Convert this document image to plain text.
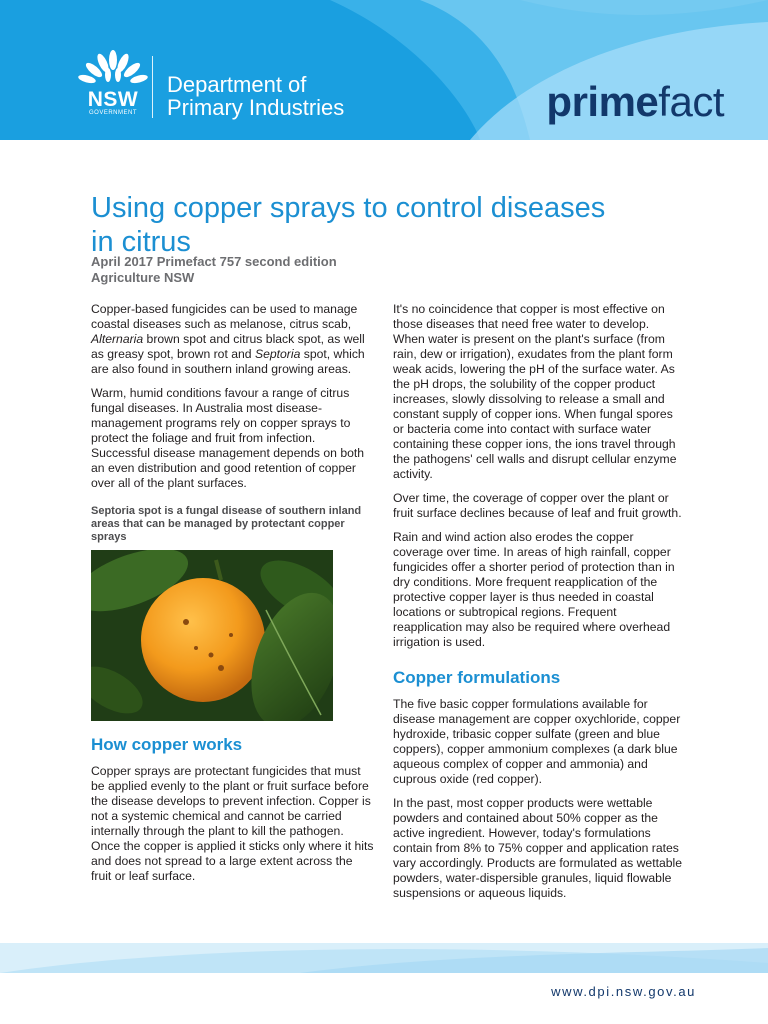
NSW
GOVERNMENT
Department of
Primary Industries	primefact
Using copper sprays to control diseases in citrus
April 2017 Primefact 757 second edition
Agriculture NSW

Copper-based fungicides can be used to manage coastal diseases such as melanose, citrus scab, Alternaria brown spot and citrus black spot, as well as greasy spot, brown rot and Septoria spot, which are also found in southern inland growing areas.

Warm, humid conditions favour a range of citrus fungal diseases. In Australia most disease-management programs rely on copper sprays to protect the foliage and fruit from infection. Successful disease management depends on both an even distribution and good retention of copper over all of the plant surfaces.

Septoria spot is a fungal disease of southern inland areas that can be managed by protectant copper sprays
How copper works

Copper sprays are protectant fungicides that must be applied evenly to the plant or fruit surface before the disease develops to prevent infection. Copper is not a systemic chemical and cannot be carried internally through the plant to kill the pathogen. Once the copper is applied it sticks only where it hits and does not spread to a large extent across the fruit or leaf surface.

It's no coincidence that copper is most effective on those diseases that need free water to develop. When water is present on the plant's surface (from rain, dew or irrigation), exudates from the plant form weak acids, lowering the pH of the surface water. As the pH drops, the solubility of the copper product increases, slowly dissolving to release a small and constant supply of copper ions. When fungal spores or bacteria come into contact with surface water containing these copper ions, the ions travel through the pathogens' cell walls and disrupt cellular enzyme activity.

Over time, the coverage of copper over the plant or fruit surface declines because of leaf and fruit growth.

Rain and wind action also erodes the copper coverage over time. In areas of high rainfall, copper fungicides offer a shorter period of protection than in dry conditions. More frequent reapplication of the protective copper layer is thus needed in coastal locations or subtropical regions. Frequent reapplication may also be required where overhead irrigation is used.

Copper formulations

The five basic copper formulations available for disease management are copper oxychloride, copper hydroxide, tribasic copper sulfate (green and blue coppers), copper ammonium complexes (a dark blue aqueous complex of copper and ammonia) and cuprous oxide (red copper).

In the past, most copper products were wettable powders and contained about 50% copper as the active ingredient. However, today's formulations contain from 8% to 75% copper and application rates vary accordingly. Products are formulated as wettable powders, water-dispersible granules, liquid flowable suspensions or aqueous liquids.

www.dpi.nsw.gov.au
